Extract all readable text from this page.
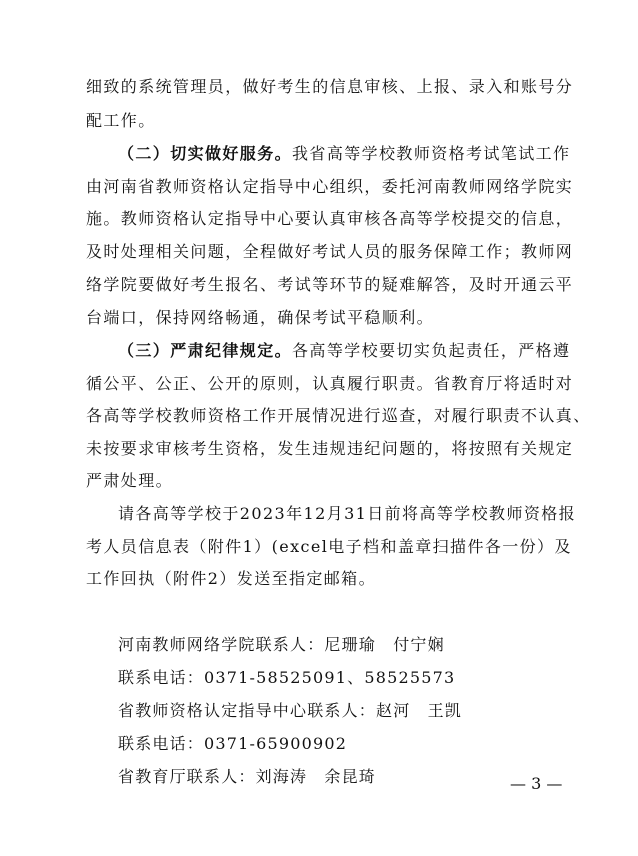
细致的系统管理员，做好考生的信息审核、上报、录入和账号分
配工作。
（二）切实做好服务。我省高等学校教师资格考试笔试工作
由河南省教师资格认定指导中心组织，委托河南教师网络学院实
施。教师资格认定指导中心要认真审核各高等学校提交的信息，
及时处理相关问题，全程做好考试人员的服务保障工作；教师网
络学院要做好考生报名、考试等环节的疑难解答，及时开通云平
台端口，保持网络畅通，确保考试平稳顺利。
（三）严肃纪律规定。各高等学校要切实负起责任，严格遵
循公平、公正、公开的原则，认真履行职责。省教育厅将适时对
各高等学校教师资格工作开展情况进行巡查，对履行职责不认真、
未按要求审核考生资格，发生违规违纪问题的，将按照有关规定
严肃处理。
请各高等学校于2023年12月31日前将高等学校教师资格报
考人员信息表（附件1）(excel电子档和盖章扫描件各一份）及
工作回执（附件2）发送至指定邮箱。
河南教师网络学院联系人：尼珊瑜　付宁娴
联系电话：0371-58525091、58525573
省教师资格认定指导中心联系人：赵河　王凯
联系电话：0371-65900902
省教育厅联系人：刘海涛　余昆琦	— 3 —
